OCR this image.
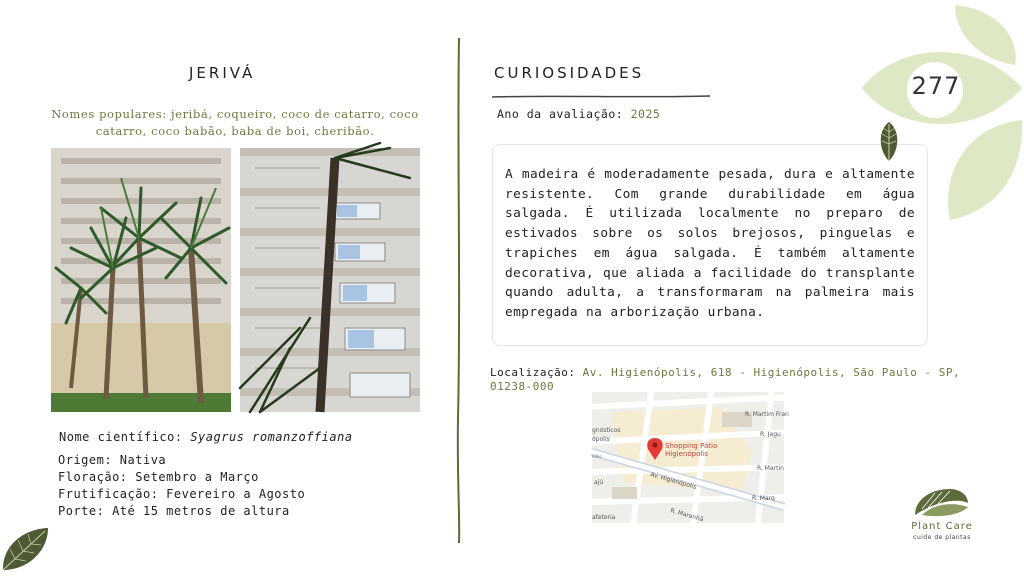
JERIVÁ
Nomes populares: jeribá, coqueiro, coco de catarro, coco catarro, coco babão, baba de boi, cheribão.
Nome científico: Syagrus romanzoffiana
Origem: Nativa
Floração: Setembro a Março
Frutificação: Fevereiro a Agosto
Porte: Até 15 metros de altura
CURIOSIDADES
Ano da avaliação: 2025

A madeira é moderadamente pesada, dura e altamente resistente. Com grande durabilidade em água salgada. É utilizada localmente no preparo de estivados sobre os solos brejosos, pinguelas e trapiches em água salgada. É também altamente decorativa, que aliada a facilidade do transplante quando adulta, a transformaram na palmeira mais empregada na arborização urbana.

Localização: Av. Higienópolis, 618 - Higienópolis, São Paulo - SP, 01238-000
Shopping Pátio
Higienópolis
R. Martim Fran
R. Jagu
R. Martin
Av. Higienópolis
R. Marq
R. Maranhã
gnósticos
ópolis
Pátio
ajú
afeteria
277
Plant Care
cuide de plantas
